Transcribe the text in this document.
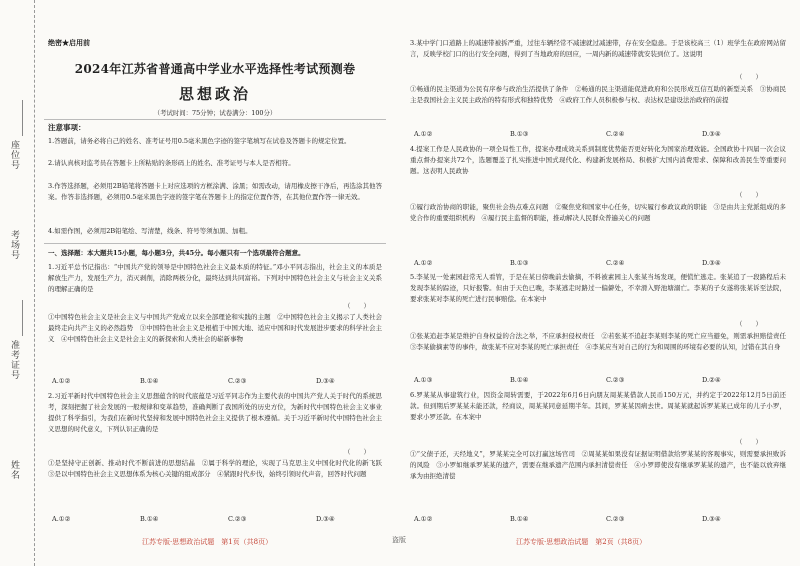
座位号
考场号
准考证号
姓名
绝密★启用前
2024年江苏省普通高中学业水平选择性考试预测卷
思想政治
（考试时间：75分钟；试卷满分：100分）
注意事项：
1.答题前，请务必将自己的姓名、准考证号用0.5毫米黑色字迹的签字笔填写在试卷及答题卡的规定位置。
2.请认真核对监考员在答题卡上所粘贴的条形码上的姓名、准考证号与本人是否相符。
3.作答选择题，必须用2B铅笔将答题卡上对应选项的方框涂满、涂黑；如需改动，请用橡皮擦干净后，再选涂其他答案。作答非选择题，必须用0.5毫米黑色字迹的签字笔在答题卡上的指定位置作答，在其他位置作答一律无效。
4.如需作图，必须用2B铅笔绘、写清楚，线条、符号等须加黑、加粗。
一、选择题：本大题共15小题，每小题3分，共45分。每小题只有一个选项最符合题意。
1.习近平总书记指出：“中国共产党的领导是中国特色社会主义最本质的特征。”邓小平同志指出，社会主义的本质是解放生产力，发展生产力，消灭剥削，消除两极分化，最终达到共同富裕。下列对中国特色社会主义与社会主义关系的理解正确的是
（　　）
①中国特色社会主义是社会主义与中国共产党成立以来全部理论和实践的主题　②中国特色社会主义揭示了人类社会最终走向共产主义的必然趋势　③中国特色社会主义是根植于中国大地、适应中国和时代发展进步要求的科学社会主义　④中国特色社会主义是社会主义的新探索和人类社会的崭新事物
A.①②	B.①④	C.②③	D.③④
2.习近平新时代中国特色社会主义思想蕴含的时代底蕴是习近平同志作为主要代表的中国共产党人关于时代的系统思考，深刻把握了社会发展的一般规律和变革趋势，准确判断了我国所处的历史方位，为新时代中国特色社会主义事业提供了科学指引，为我们在新时代坚持和发展中国特色社会主义提供了根本遵循。关于习近平新时代中国特色社会主义思想的时代意义，下列认识正确的是
（　　）
①是坚持守正创新、推动时代不断前进的思想结晶　②属于科学的理论，实现了马克思主义中国化时代化的新飞跃　③是以中国特色社会主义思想体系为核心关键的组成部分　④紧跟时代步伐，始终引领时代声音，回答时代问题
A.①②	B.①④	C.②③	D.③④
江苏专版·思想政治试题　第1页（共8页）	盗版
3.某中学门口道路上的减速带被拆严重，过往车辆经常不减速就过减速带，存在安全隐患。于是该校高三（1）班学生在政府网站留言，反映学校门口的出行安全问题，得到了当地政府的回应，一周内新的减速带就安装到位了。这说明
（　　）
①畅通的民主渠道为公民有序参与政治生活提供了条件　②畅通的民主渠道能促进政府和公民形成互信互助的新型关系　③协商民主是我国社会主义民主政治的特有形式和独特优势　④政府工作人员积极参与权、表达权是建设法治政府的前提
A.①②	B.①③	C.②④	D.③④
4.提案工作是人民政协的一项全局性工作，提案办理成效关系到制度优势能否更好转化为国家治理效能。全国政协十四届一次会议重点督办提案共72个，选题覆盖了扎实推进中国式现代化、构建新发展格局、积极扩大国内消费需求、保障和改善民生等重要问题。这表明人民政协
（　　）
①履行政治协商的职能，聚焦社会热点难点问题　②聚焦党和国家中心任务，切实履行参政议政的职能　③是由共主党派组成的多党合作的重要组织机构　④履行民主监督的职能，推动解决人民群众普遍关心的问题
A.①②	B.①③	C.②④	D.③④
5.李某见一处素园赶常无人看管，于是在某日傍晚前去偷摘，不料被素园主人张某当场发现，便慌忙逃走。张某追了一段路程后未发现李某的踪迹，只好报警。但由于天色已晚，李某逃走时路过一偏僻处，不幸滑入野池塘溺亡。李某的子女遂将张某诉至法院，要求张某对李某的死亡进行民事赔偿。在本案中
（　　）
①张某追赶李某是维护自身权益的合法之举，不应承担侵权责任　②若张某不追赶李某则李某的死亡应当避免，则需承担赔偿责任　③李某偷摘素等的事件，故张某不应对李某的死亡承担责任　④李某应当对自己的行为和周围的环境有必要的认知，过错在其自身
A.①③	B.①④	C.②③	D.②④
6.罗某某从事建筑行业，因资金周转需要，于2022年6月6日向朋友周某某借款人民币150万元，并约定于2022年12月5日前还款。但到期后罗某某未能还款，经商议，周某某同意延期半年。其间，罗某某因病去世。周某某就起诉罗某某已成年的儿子小罗，要求小罗还款。在本案中
（　　）
①“父债子还，天经地义”，罗某某完全可以打赢这场官司　②周某某如果没有证据证明借款给罗某某的客观事实，则需要承担败诉的风险　③小罗如继承罗某某的遗产，需要在继承遗产范围内承担清偿责任　④小罗即使没有继承罗某某的遗产，也不能以放弃继承为由拒绝清偿
A.①②	B.①④	C.②③	D.③④
江苏专版·思想政治试题　第2页（共8页）
